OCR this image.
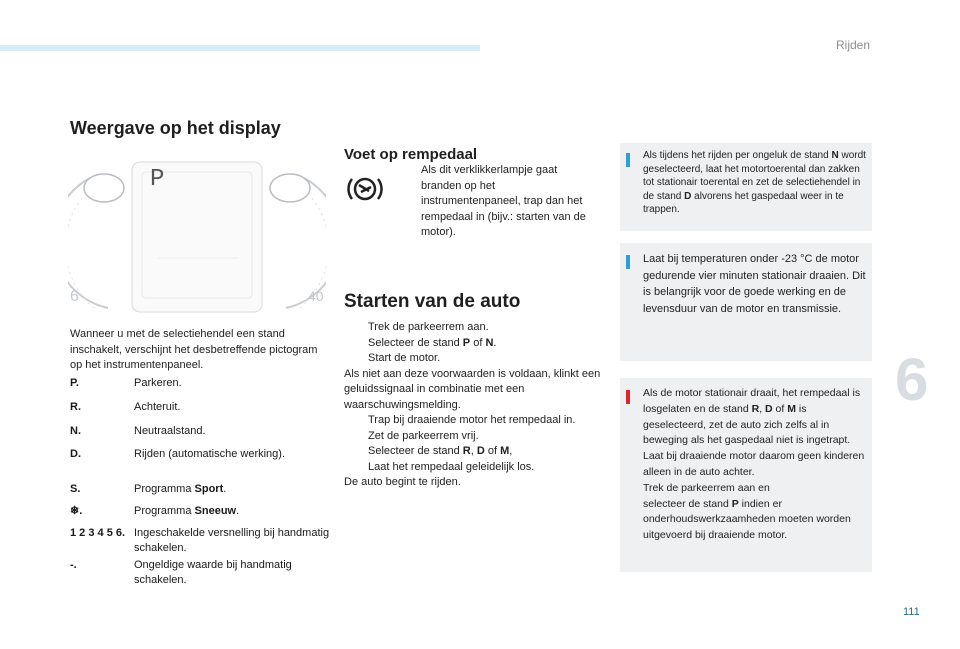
Rijden
6
111
Weergave op het display
P
6	40
Wanneer u met de selectiehendel een stand inschakelt, verschijnt het desbetreffende pictogram op het instrumentenpaneel.
P.	Parkeren.
R.	Achteruit.
N.	Neutraalstand.
D.	Rijden (automatische werking).
S.	Programma Sport.
❄.	Programma Sneeuw.
1 2 3 4 5 6. Ingeschakelde versnelling bij handmatig schakelen.
-.	Ongeldige waarde bij handmatig schakelen.
Voet op rempedaal
Als dit verklikkerlampje gaat branden op het instrumentenpaneel, trap dan het rempedaal in (bijv.: starten van de motor).
Starten van de auto
Trek de parkeerrem aan.
Selecteer de stand P of N.
Start de motor.
Als niet aan deze voorwaarden is voldaan, klinkt een geluidssignaal in combinatie met een waarschuwingsmelding.
Trap bij draaiende motor het rempedaal in.
Zet de parkeerrem vrij.
Selecteer de stand R, D of M,
Laat het rempedaal geleidelijk los.
De auto begint te rijden.
Als tijdens het rijden per ongeluk de stand N wordt geselecteerd, laat het motortoerental dan zakken tot stationair toerental en zet de selectiehendel in de stand D alvorens het gaspedaal weer in te trappen.
Laat bij temperaturen onder -23 °C de motor gedurende vier minuten stationair draaien. Dit is belangrijk voor de goede werking en de levensduur van de motor en transmissie.
Als de motor stationair draait, het rempedaal is losgelaten en de stand R, D of M is geselecteerd, zet de auto zich zelfs al in beweging als het gaspedaal niet is ingetrapt.
Laat bij draaiende motor daarom geen kinderen alleen in de auto achter.
Trek de parkeerrem aan en
selecteer de stand P indien er onderhoudswerkzaamheden moeten worden uitgevoerd bij draaiende motor.
